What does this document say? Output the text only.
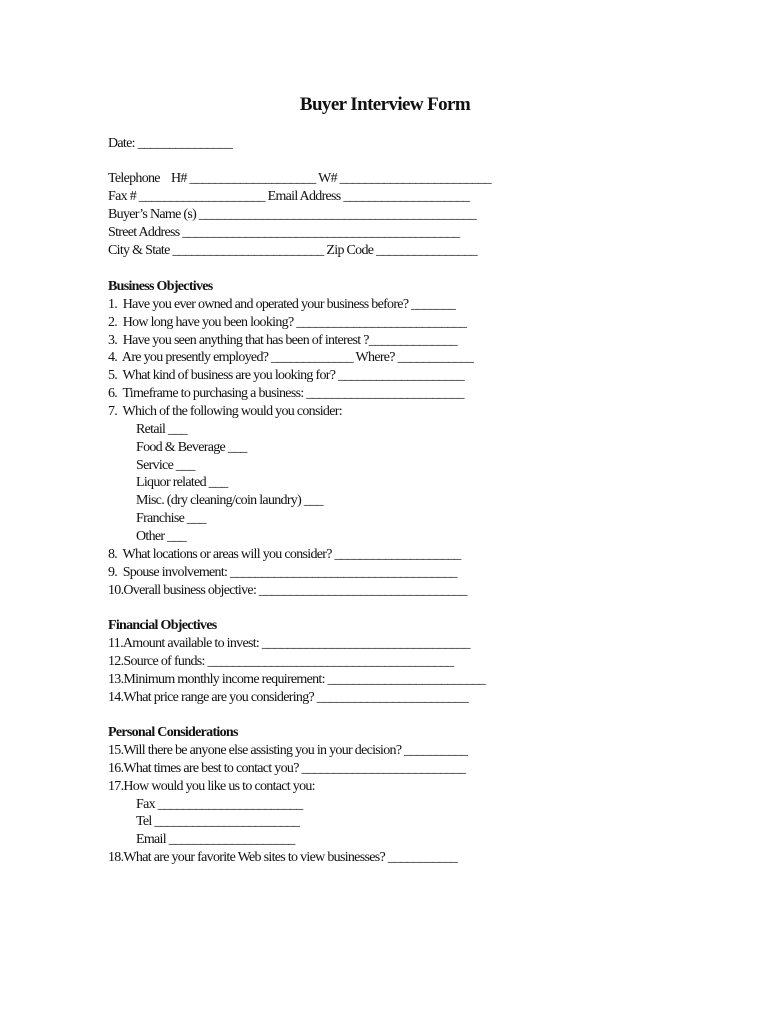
Buyer Interview Form
Date: _______________
Telephone    H# ____________________ W# ________________________
Fax # ____________________ Email Address ____________________
Buyer’s Name (s) ____________________________________________
Street Address ____________________________________________
City & State ________________________ Zip Code ________________
Business Objectives
1.  Have you ever owned and operated your business before? _______
2.  How long have you been looking? ___________________________
3.  Have you seen anything that has been of interest ?______________
4.  Are you presently employed? _____________ Where? ____________
5.  What kind of business are you looking for? ____________________
6.  Timeframe to purchasing a business: _________________________
7.  Which of the following would you consider:
Retail ___
Food & Beverage ___
Service ___
Liquor related ___
Misc. (dry cleaning/coin laundry) ___
Franchise ___
Other ___
8.  What locations or areas will you consider? ____________________
9.  Spouse involvement: ____________________________________
10.Overall business objective: _________________________________
Financial Objectives
11.Amount available to invest: _________________________________
12.Source of funds: _______________________________________
13.Minimum monthly income requirement: _________________________
14.What price range are you considering? ________________________
Personal Considerations
15.Will there be anyone else assisting you in your decision? __________
16.What times are best to contact you? __________________________
17.How would you like us to contact you:
Fax _______________________
Tel _______________________
Email ____________________
18.What are your favorite Web sites to view businesses? ___________
